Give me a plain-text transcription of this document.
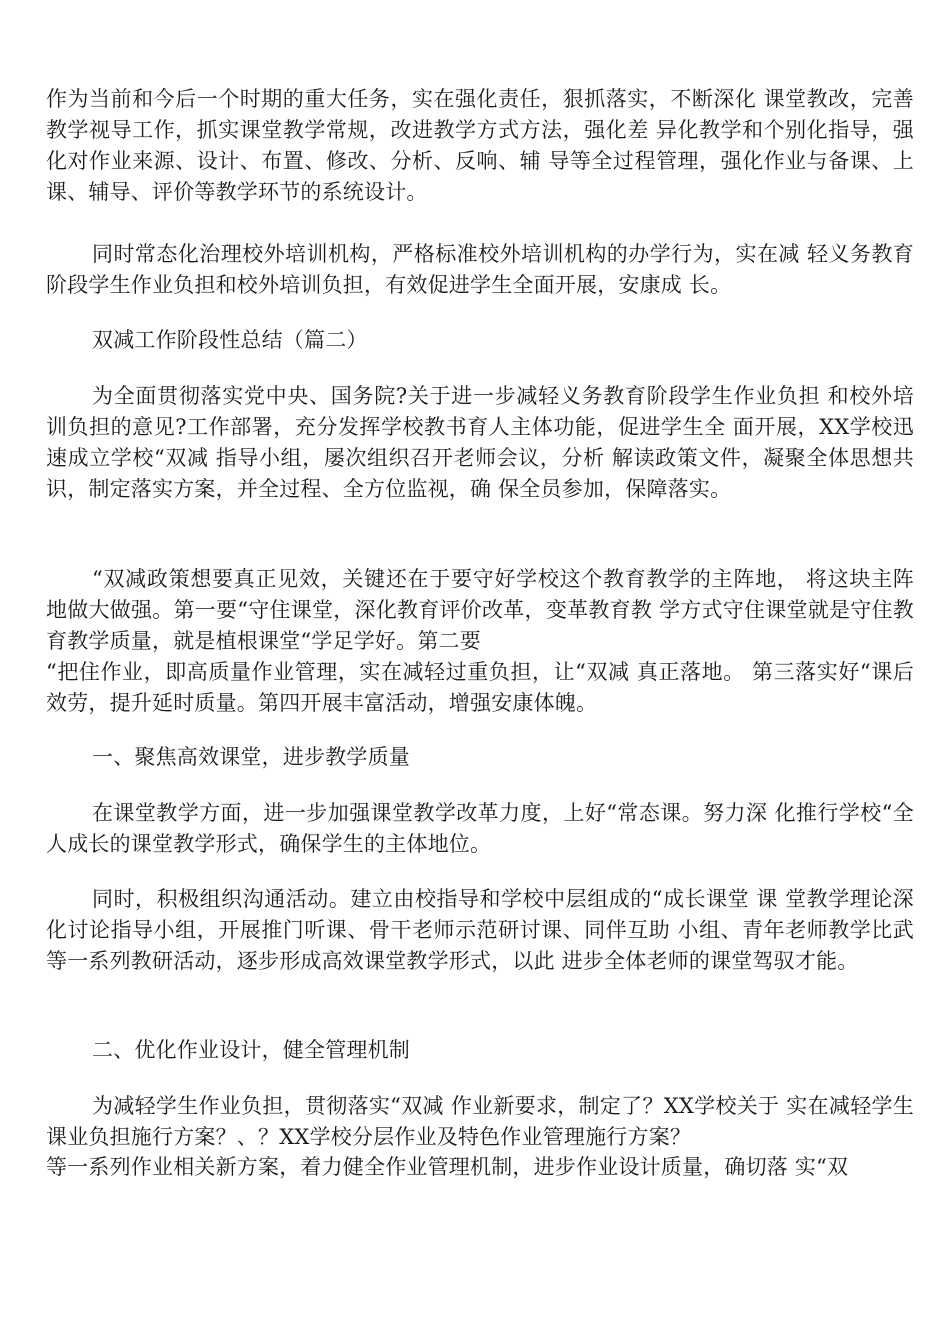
作为当前和今后一个时期的重大任务，实在强化责任，狠抓落实，不断深化 课堂教改，完善教学视导工作，抓实课堂教学常规，改进教学方式方法，强化差 异化教学和个别化指导，强化对作业来源、设计、布置、修改、分析、反响、辅 导等全过程管理，强化作业与备课、上课、辅导、评价等教学环节的系统设计。

同时常态化治理校外培训机构，严格标准校外培训机构的办学行为，实在减 轻义务教育阶段学生作业负担和校外培训负担，有效促进学生全面开展，安康成 长。

双减工作阶段性总结（篇二）

为全面贯彻落实党中央、国务院?关于进一步减轻义务教育阶段学生作业负担 和校外培训负担的意见?工作部署，充分发挥学校教书育人主体功能，促进学生全 面开展，XX学校迅速成立学校“双减 指导小组，屡次组织召开老师会议，分析 解读政策文件，凝聚全体思想共识，制定落实方案，并全过程、全方位监视，确 保全员参加，保障落实。

“双减政策想要真正见效，关键还在于要守好学校这个教育教学的主阵地， 将这块主阵地做大做强。第一要“守住课堂，深化教育评价改革，变革教育教 学方式守住课堂就是守住教育教学质量，就是植根课堂“学足学好。第二要

“把住作业，即高质量作业管理，实在减轻过重负担，让“双减 真正落地。 第三落实好“课后效劳，提升延时质量。第四开展丰富活动，增强安康体魄。

一、聚焦高效课堂，进步教学质量

在课堂教学方面，进一步加强课堂教学改革力度，上好“常态课。努力深 化推行学校“全人成长的课堂教学形式，确保学生的主体地位。

同时，积极组织沟通活动。建立由校指导和学校中层组成的“成长课堂 课 堂教学理论深化讨论指导小组，开展推门听课、骨干老师示范研讨课、同伴互助 小组、青年老师教学比武等一系列教研活动，逐步形成高效课堂教学形式，以此 进步全体老师的课堂驾驭才能。

二、优化作业设计，健全管理机制

为减轻学生作业负担，贯彻落实“双减 作业新要求，制定了？XX学校关于 实在减轻学生课业负担施行方案？、？XX学校分层作业及特色作业管理施行方案？

等一系列作业相关新方案，着力健全作业管理机制，进步作业设计质量，确切落 实“双
